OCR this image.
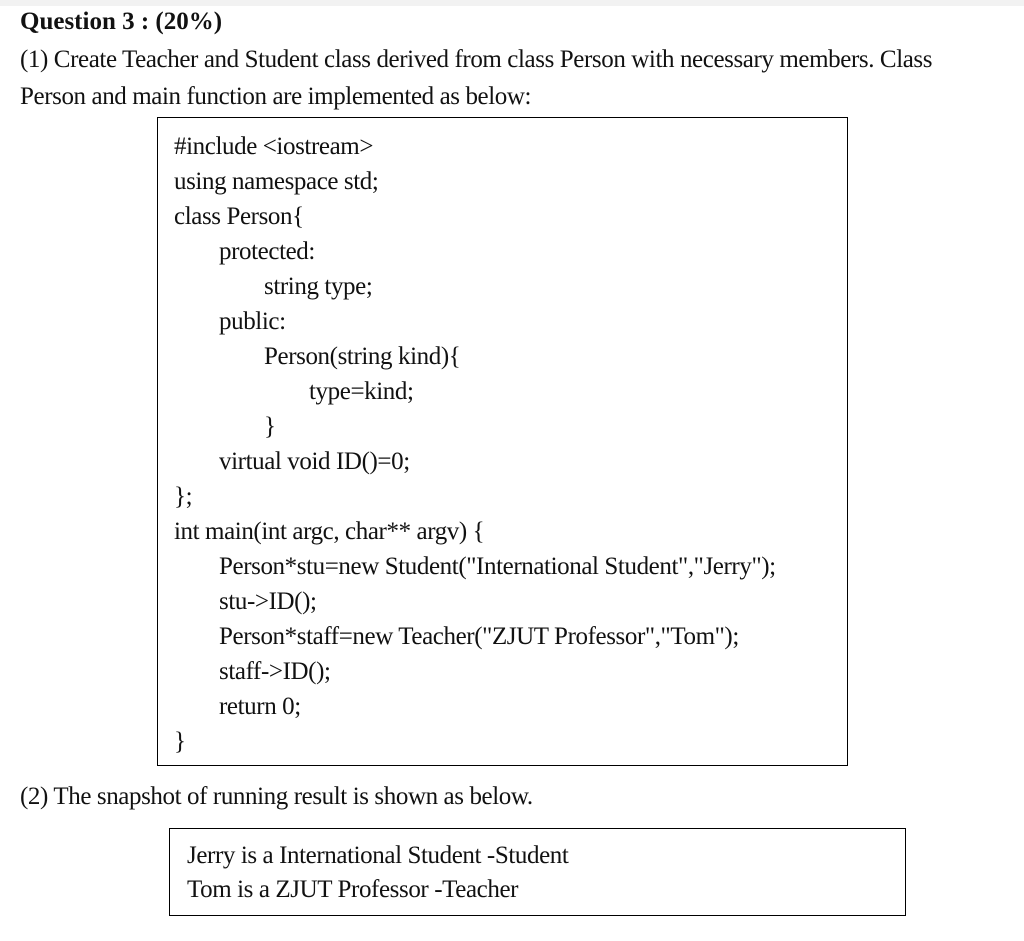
Question 3 : (20%)
(1) Create Teacher and Student class derived from class Person with necessary members. Class
Person and main function are implemented as below:
#include <iostream>
using namespace std;
class Person{
protected:
string type;
public:
Person(string kind){
type=kind;
}
virtual void ID()=0;
};
int main(int argc, char** argv) {
Person*stu=new Student("International Student","Jerry");
stu->ID();
Person*staff=new Teacher("ZJUT Professor","Tom");
staff->ID();
return 0;
}
(2) The snapshot of running result is shown as below.
Jerry is a International Student -Student
Tom is a ZJUT Professor -Teacher
